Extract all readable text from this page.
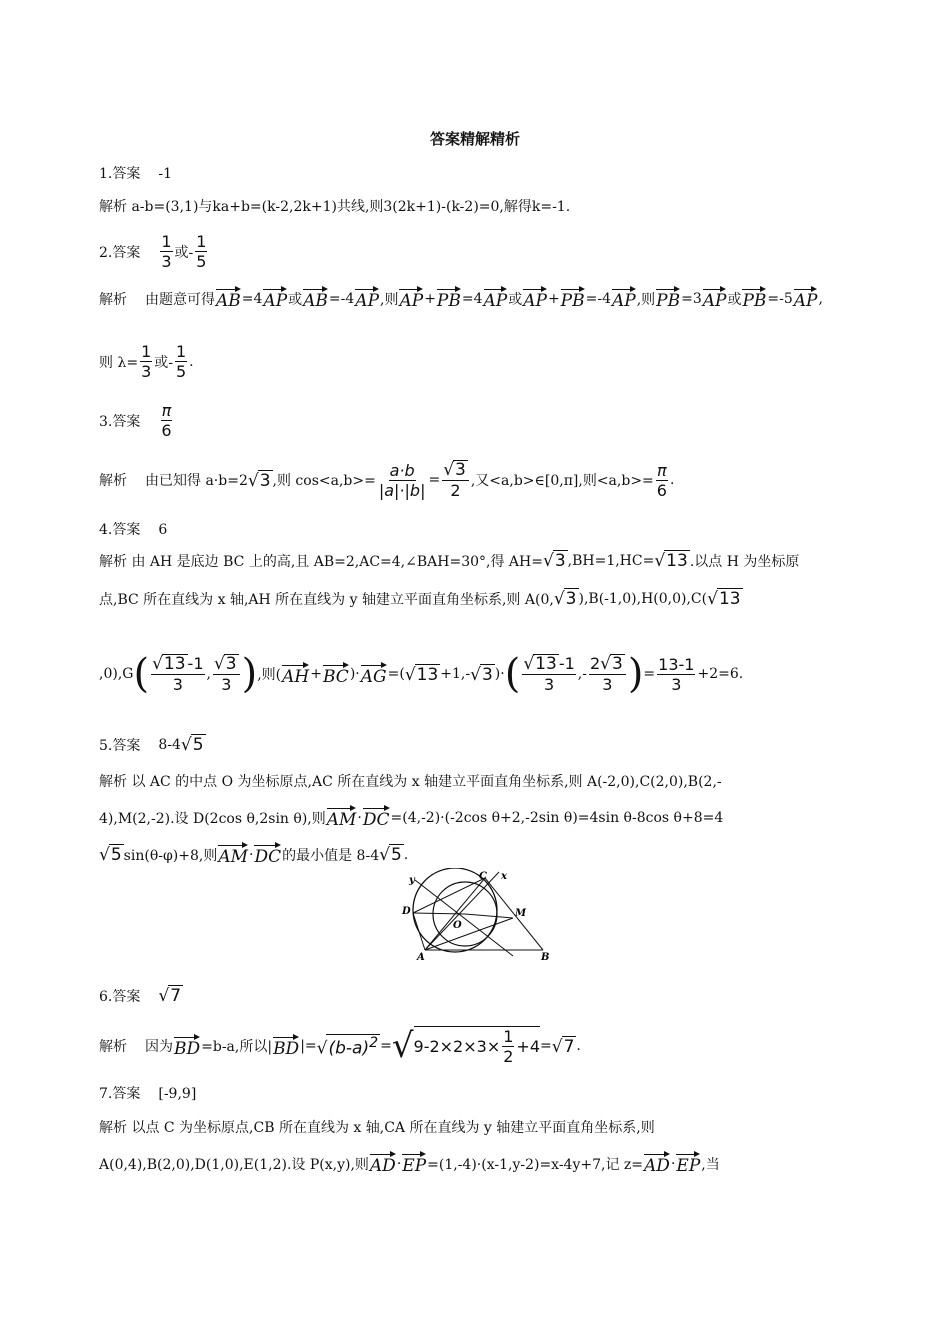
答案精解精析
1.答案 -1
解析 a-b=(3,1)与ka+b=(k-2,2k+1)共线,则3(2k+1)-(k-2)=0,解得k=-1.
2.答案 $\frac{1}{3}$ 或- $\frac{1}{5}$
解析 由题意可得 AB =4 AP 或 AB =-4 AP ,则 AP + PB =4 AP 或 AP + PB =-4 AP ,则 PB =3 AP 或 PB =-5 AP ,
则 $\lambda= \frac{1}{3}$ 或- $\frac{1}{5}$ .
3.答案 $\frac{\pi}{6}$
解析 由已知得 a·b=2 √3 ,则 $\cos<a,b>= \frac{a\cdot b}{|a|\cdot|b|} = \frac{√3}{2}$ ,又<a,b>∈[0,π],则$<a,b>= \frac{\pi}{6}$ .
4.答案 6
解析 由 AH 是底边 BC 上的高,且 AB=2,AC=4,∠BAH=30°,得 AH= √3 ,BH=1,HC= √13 .以点 H 为坐标原
点,BC 所在直线为 x 轴,AH 所在直线为 y 轴建立平面直角坐标系,则 A(0, √3 ),B(-1,0),H(0,0),C( √13
,0),G ( $\frac{√13 -1}{3}$ , $\frac{√3}{3}$ ) ,则( AH + BC )· AG =( √13 +1,- √3 )· ( $\frac{√13 -1}{3}$ ,- $\frac{2√3}{3}$ ) = $\frac{13-1}{3} +2=6$.
5.答案 8-4 √5
解析 以 AC 的中点 O 为坐标原点,AC 所在直线为 x 轴建立平面直角坐标系,则 A(-2,0),C(2,0),B(2,-
4),M(2,-2).设 D(2cos θ,2sin θ),则 AM · DC =(4,-2)·(-2cos θ+2,-2sin θ)=4sin θ-8cos θ+8=4
√5 sin(θ-φ)+8,则 AM · DC 的最小值是 8-4 √5 .
y	C x
D	M
O
A	B
6.答案 √7
解析 因为 BD =b-a,所以| BD |= $√(b-a)^2$ = √ $9-2\times 2\times 3\times \frac{1}{2} +4 = √7$ .
7.答案 [-9,9]
解析 以点 C 为坐标原点,CB 所在直线为 x 轴,CA 所在直线为 y 轴建立平面直角坐标系,则
A(0,4),B(2,0),D(1,0),E(1,2).设 P(x,y),则 AD · EP =(1,-4)·(x-1,y-2)=x-4y+7,记 z= AD · EP ,当
